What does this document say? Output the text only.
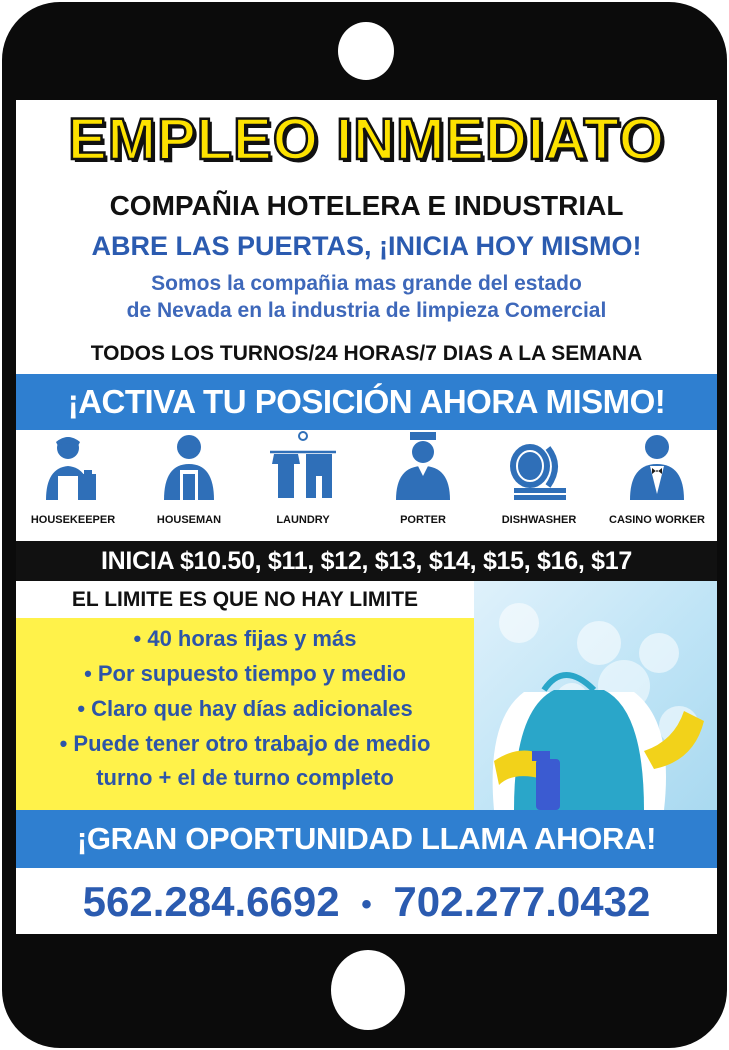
EMPLEO INMEDIATO
COMPAÑIA HOTELERA E INDUSTRIAL
ABRE LAS PUERTAS, ¡INICIA HOY MISMO!
Somos la compañia mas grande del estado
de Nevada en la industria de limpieza Comercial
TODOS LOS TURNOS/24 HORAS/7 DIAS A LA SEMANA
¡ACTIVA TU POSICIÓN AHORA MISMO!
HOUSEKEEPER	HOUSEMAN	LAUNDRY	PORTER	DISHWASHER	CASINO WORKER
INICIA $10.50, $11, $12, $13, $14, $15, $16, $17
EL LIMITE ES QUE NO HAY LIMITE
• 40 horas fijas y más
• Por supuesto tiempo y medio
• Claro que hay días adicionales
• Puede tener otro trabajo de medio
turno + el de turno completo
¡GRAN OPORTUNIDAD LLAMA AHORA!
562.284.6692 • 702.277.0432
